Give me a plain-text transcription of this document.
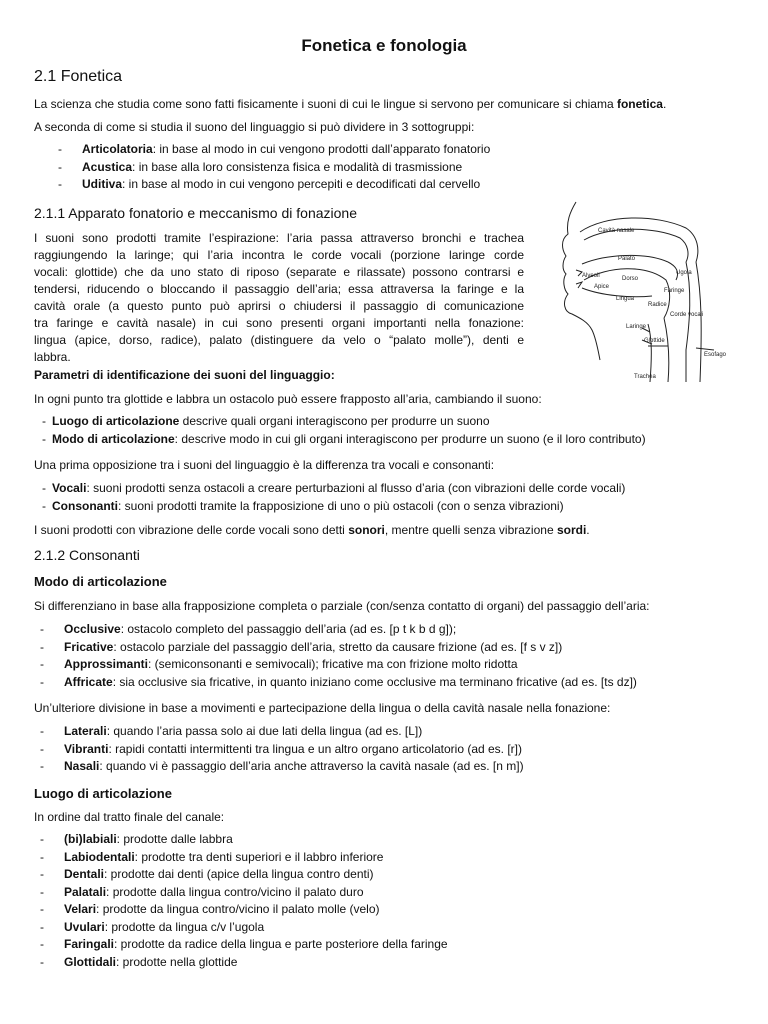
Fonetica e fonologia
2.1 Fonetica

La scienza che studia come sono fatti fisicamente i suoni di cui le lingue si servono per comunicare si chiama fonetica.

A seconda di come si studia il suono del linguaggio si può dividere in 3 sottogruppi:

- Articolatoria: in base al modo in cui vengono prodotti dall’apparato fonatorio
- Acustica: in base alla loro consistenza fisica e modalità di trasmissione
- Uditiva: in base al modo in cui vengono percepiti e decodificati dal cervello
2.1.1 Apparato fonatorio e meccanismo di fonazione
I suoni sono prodotti tramite l’espirazione: l’aria passa attraverso bronchi e trachea
raggiungendo la laringe; qui l’aria incontra le corde vocali (porzione laringe corde
vocali: glottide) che da uno stato di riposo (separate e rilassate) possono contrarsi e
tendersi, riducendo o bloccando il passaggio dell’aria; essa attraversa la faringe e la
cavità orale (a questo punto può aprirsi o chiudersi il passaggio di comunicazione
tra faringe e cavità nasale) in cui sono presenti organi importanti nella fonazione:
lingua (apice, dorso, radice), palato (distinguere da velo o “palato molle”), denti e
labbra.
Cavità nasale
Palato
Alveoli	Dorso
Ugola
Apice
Lingua
Faringe
Radice
Corde vocali
Laringe
Glottide
Esofago
Trachea

Parametri di identificazione dei suoni del linguaggio:

In ogni punto tra glottide e labbra un ostacolo può essere frapposto all’aria, cambiando il suono:

- Luogo di articolazione descrive quali organi interagiscono per produrre un suono
- Modo di articolazione: descrive modo in cui gli organi interagiscono per produrre un suono (e il loro contributo)

Una prima opposizione tra i suoni del linguaggio è la differenza tra vocali e consonanti:

- Vocali: suoni prodotti senza ostacoli a creare perturbazioni al flusso d’aria (con vibrazioni delle corde vocali)
- Consonanti: suoni prodotti tramite la frapposizione di uno o più ostacoli (con o senza vibrazioni)

I suoni prodotti con vibrazione delle corde vocali sono detti sonori, mentre quelli senza vibrazione sordi.

2.1.2 Consonanti
Modo di articolazione

Si differenziano in base alla frapposizione completa o parziale (con/senza contatto di organi) del passaggio dell’aria:

- Occlusive: ostacolo completo del passaggio dell’aria (ad es. [p t k b d g]);
- Fricative: ostacolo parziale del passaggio dell’aria, stretto da causare frizione (ad es. [f s v z])
- Approssimanti: (semiconsonanti e semivocali); fricative ma con frizione molto ridotta
- Affricate: sia occlusive sia fricative, in quanto iniziano come occlusive ma terminano fricative (ad es. [ts dz])

Un’ulteriore divisione in base a movimenti e partecipazione della lingua o della cavità nasale nella fonazione:

- Laterali: quando l’aria passa solo ai due lati della lingua (ad es. [L])
- Vibranti: rapidi contatti intermittenti tra lingua e un altro organo articolatorio (ad es. [r])
- Nasali: quando vi è passaggio dell’aria anche attraverso la cavità nasale (ad es. [n m])
Luogo di articolazione

In ordine dal tratto finale del canale:

- (bi)labiali: prodotte dalle labbra
- Labiodentali: prodotte tra denti superiori e il labbro inferiore
- Dentali: prodotte dai denti (apice della lingua contro denti)
- Palatali: prodotte dalla lingua contro/vicino il palato duro
- Velari: prodotte da lingua contro/vicino il palato molle (velo)
- Uvulari: prodotte da lingua c/v l’ugola
- Faringali: prodotte da radice della lingua e parte posteriore della faringe
- Glottidali: prodotte nella glottide
